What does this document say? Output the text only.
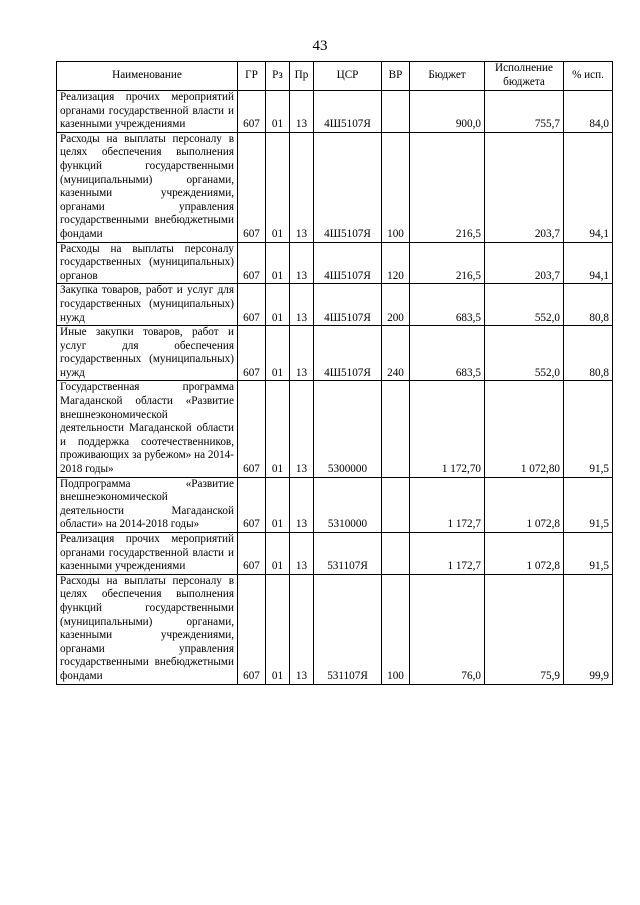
43
Наименование	ГР	Рз	Пр	ЦСР	ВР	Бюджет	Исполнение бюджета	% исп.
Реализация прочих мероприятий органами государственной власти и казенными учреждениями	607	01	13	4Ш5107Я		900,0	755,7	84,0
Расходы на выплаты персоналу в целях обеспечения выполнения функций государственными (муниципальными) органами, казенными учреждениями, органами управления государственными внебюджетными фондами	607	01	13	4Ш5107Я	100	216,5	203,7	94,1
Расходы на выплаты персоналу государственных (муниципальных) органов	607	01	13	4Ш5107Я	120	216,5	203,7	94,1
Закупка товаров, работ и услуг для государственных (муниципальных) нужд	607	01	13	4Ш5107Я	200	683,5	552,0	80,8
Иные закупки товаров, работ и услуг для обеспечения государственных (муниципальных) нужд	607	01	13	4Ш5107Я	240	683,5	552,0	80,8
Государственная программа Магаданской области «Развитие внешнеэкономической деятельности Магаданской области и поддержка соотечественников, проживающих за рубежом» на 2014-2018 годы»	607	01	13	5300000		1 172,70	1 072,80	91,5
Подпрограмма «Развитие внешнеэкономической деятельности Магаданской области» на 2014-2018 годы»	607	01	13	5310000		1 172,7	1 072,8	91,5
Реализация прочих мероприятий органами государственной власти и казенными учреждениями	607	01	13	531107Я		1 172,7	1 072,8	91,5
Расходы на выплаты персоналу в целях обеспечения выполнения функций государственными (муниципальными) органами, казенными учреждениями, органами управления государственными внебюджетными фондами	607	01	13	531107Я	100	76,0	75,9	99,9
